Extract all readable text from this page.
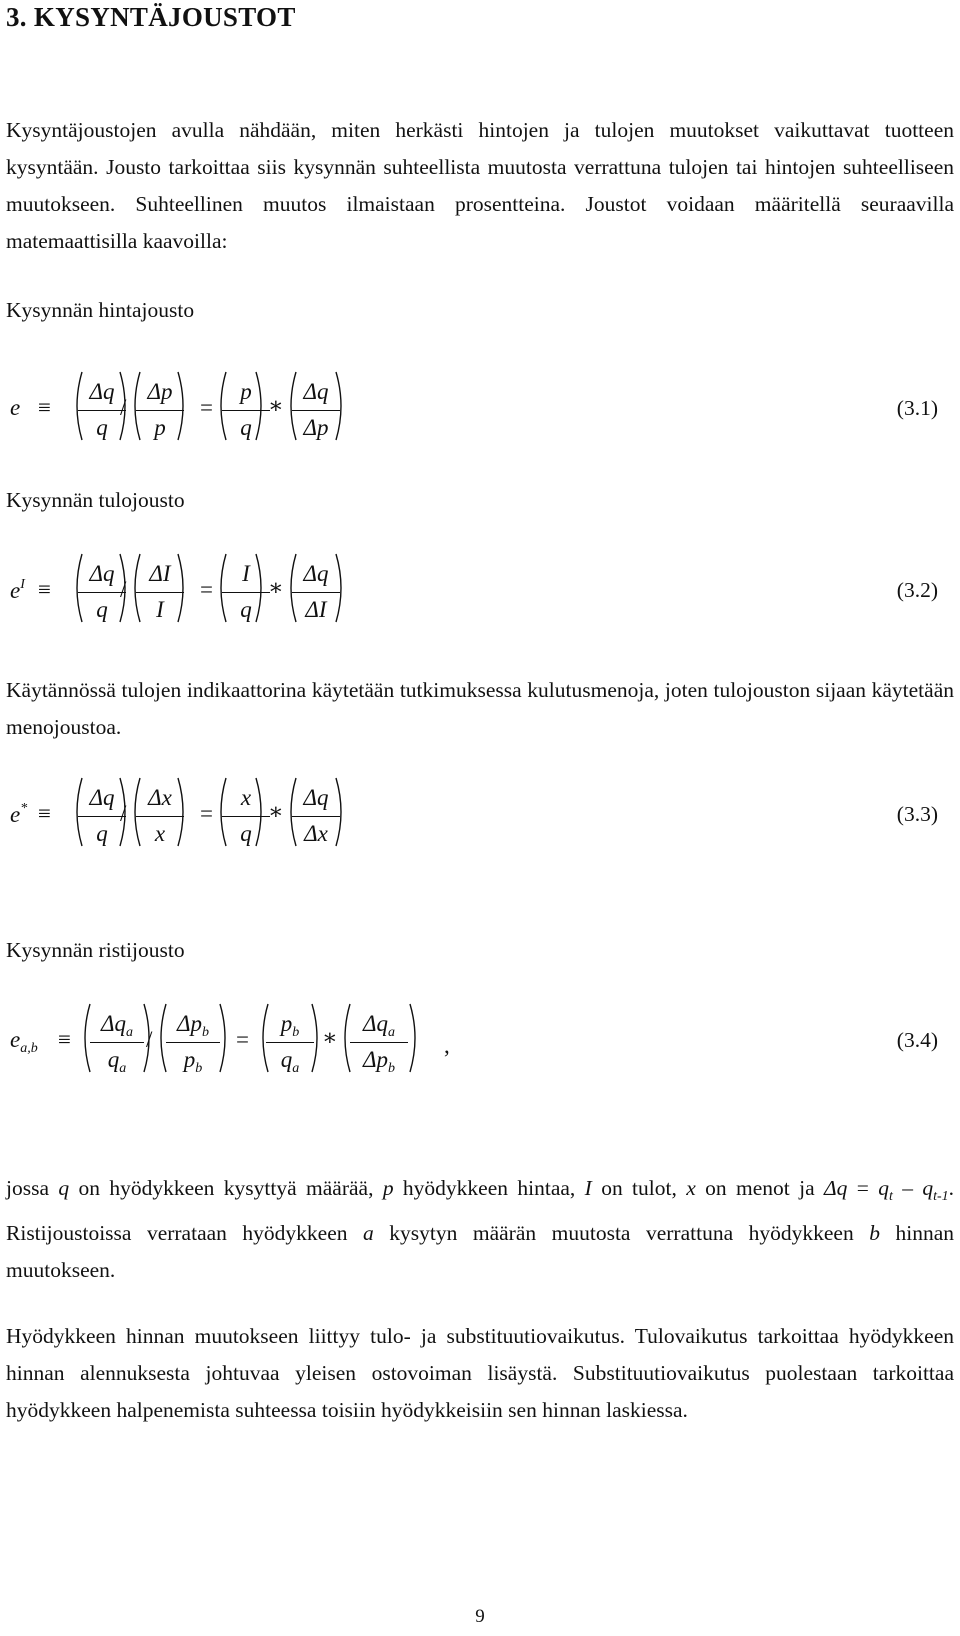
3. KYSYNTÄJOUSTOT
Kysyntäjoustojen avulla nähdään, miten herkästi hintojen ja tulojen muutokset vaikuttavat tuotteen kysyntään. Jousto tarkoittaa siis kysynnän suhteellista muutosta verrattuna tulojen tai hintojen suhteelliseen muutokseen. Suhteellinen muutos ilmaistaan prosentteina. Joustot voidaan määritellä seuraavilla matemaattisilla kaavoilla:
Kysynnän hintajousto
e ≡
Δq
q
/
Δp
p
=
p
q
∗
Δq
Δp
(3.1)
Kysynnän tulojousto
$e^I$ ≡
Δq
q
/
ΔI
I
=
I
q
∗
Δq
ΔI
(3.2)
Käytännössä tulojen indikaattorina käytetään tutkimuksessa kulutusmenoja, joten tulojouston sijaan käytetään menojoustoa.
e* ≡
Δq
q
/
Δx
x
=
x
q
∗
Δq
Δx
(3.3)
Kysynnän ristijousto
$e_{a,b}$ ≡
$\Delta q_a$
$q_a$
/
$\Delta p_b$
$p_b$
=
$p_b$
$q_a$
∗
$\Delta q_a$
$\Delta p_b$
,	(3.4)
jossa q on hyödykkeen kysyttyä määrää, p hyödykkeen hintaa, I on tulot, x on menot ja $\Delta q = q_t - q_{t-1}$. Ristijoustoissa verrataan hyödykkeen a kysytyn määrän muutosta verrattuna hyödykkeen b hinnan muutokseen.
Hyödykkeen hinnan muutokseen liittyy tulo- ja substituutiovaikutus. Tulovaikutus tarkoittaa hyödykkeen hinnan alennuksesta johtuvaa yleisen ostovoiman lisäystä. Substituutiovaikutus puolestaan tarkoittaa hyödykkeen halpenemista suhteessa toisiin hyödykkeisiin sen hinnan laskiessa.
9
